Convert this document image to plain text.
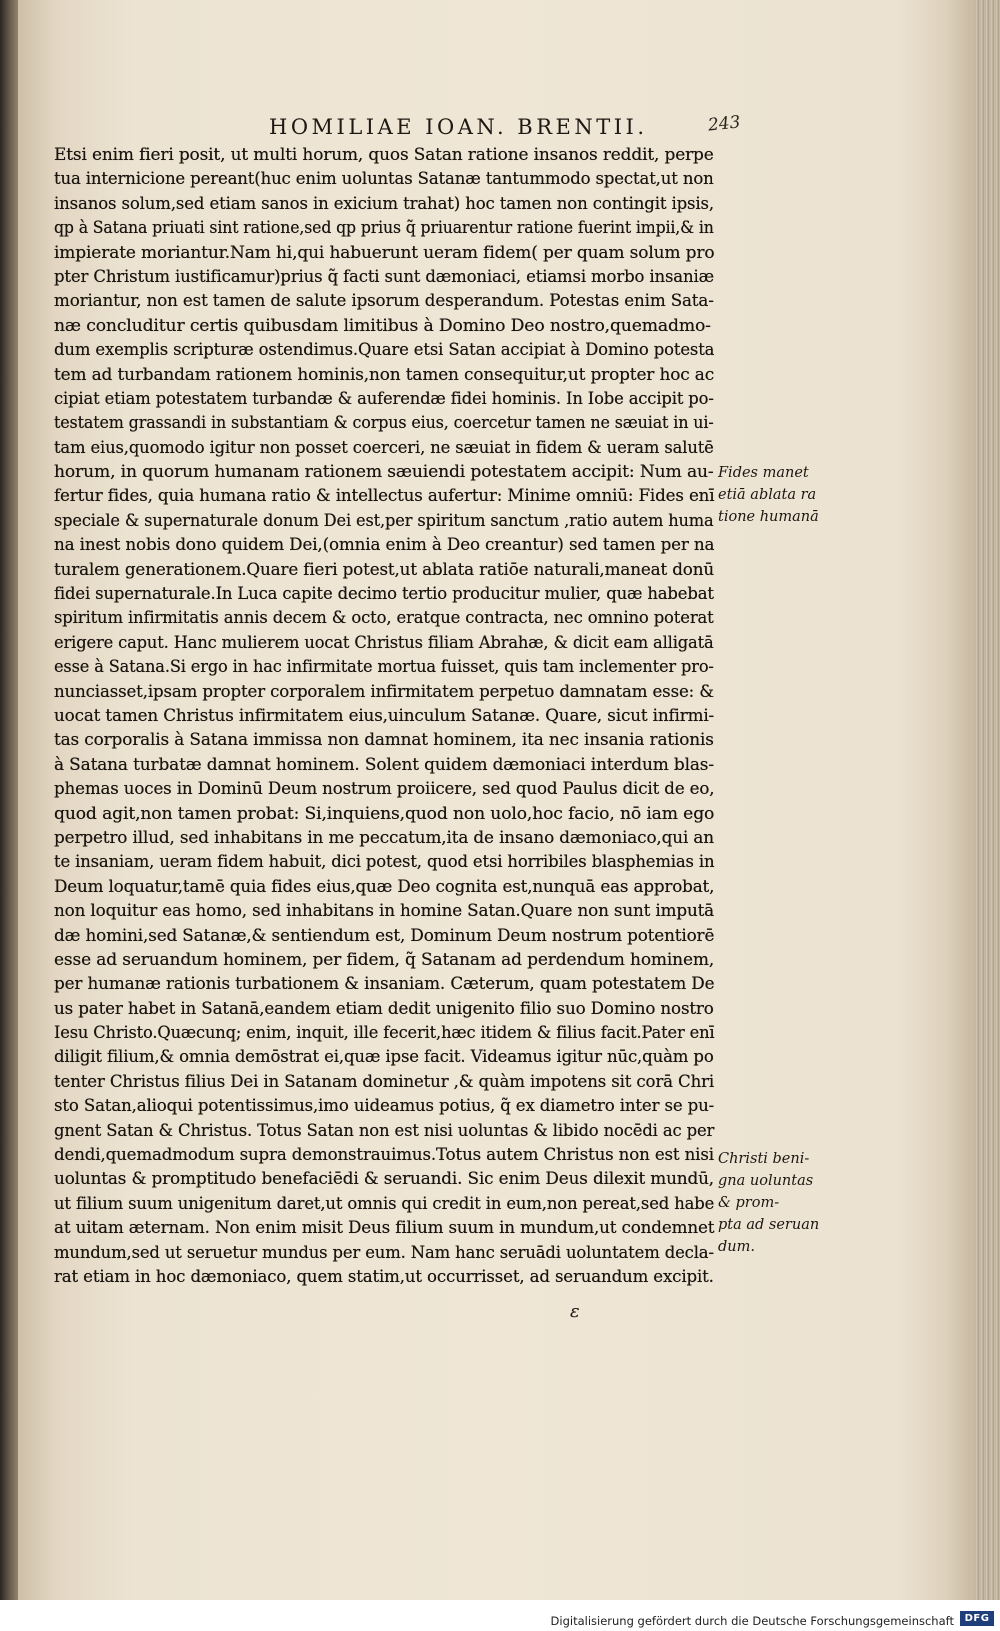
HOMILIAE IOAN. BRENTII.	243
Etsi enim fieri posit, ut multi horum, quos Satan ratione insanos reddit, perpe
tua internicione pereant(huc enim uoluntas Satanæ tantummodo spectat,ut non
insanos solum,sed etiam sanos in exicium trahat) hoc tamen non contingit ipsis,
qp à Satana priuati sint ratione,sed qp prius q̃ priuarentur ratione fuerint impii,& in
impierate moriantur.Nam hi,qui habuerunt ueram fidem( per quam solum pro
pter Christum iustificamur)prius q̃ facti sunt dæmoniaci, etiamsi morbo insaniæ
moriantur, non est tamen de salute ipsorum desperandum. Potestas enim Sata-
næ concluditur certis quibusdam limitibus à Domino Deo nostro,quemadmo-
dum exemplis scripturæ ostendimus.Quare etsi Satan accipiat à Domino potesta
tem ad turbandam rationem hominis,non tamen consequitur,ut propter hoc ac
cipiat etiam potestatem turbandæ & auferendæ fidei hominis. In Iobe accipit po-
testatem grassandi in substantiam & corpus eius, coercetur tamen ne sæuiat in ui-
tam eius,quomodo igitur non posset coerceri, ne sæuiat in fidem & ueram salutē
horum, in quorum humanam rationem sæuiendi potestatem accipit: Num au-
fertur fides, quia humana ratio & intellectus aufertur: Minime omniū: Fides enī
speciale & supernaturale donum Dei est,per spiritum sanctum ,ratio autem huma
na inest nobis dono quidem Dei,(omnia enim à Deo creantur) sed tamen per na
turalem generationem.Quare fieri potest,ut ablata ratiōe naturali,maneat donū
fidei supernaturale.In Luca capite decimo tertio producitur mulier, quæ habebat
spiritum infirmitatis annis decem & octo, eratque contracta, nec omnino poterat
erigere caput. Hanc mulierem uocat Christus filiam Abrahæ, & dicit eam alligatā
esse à Satana.Si ergo in hac infirmitate mortua fuisset, quis tam inclementer pro-
nunciasset,ipsam propter corporalem infirmitatem perpetuo damnatam esse: &
uocat tamen Christus infirmitatem eius,uinculum Satanæ. Quare, sicut infirmi-
tas corporalis à Satana immissa non damnat hominem, ita nec insania rationis
à Satana turbatæ damnat hominem. Solent quidem dæmoniaci interdum blas-
phemas uoces in Dominū Deum nostrum proiicere, sed quod Paulus dicit de eo,
quod agit,non tamen probat: Si,inquiens,quod non uolo,hoc facio, nō iam ego
perpetro illud, sed inhabitans in me peccatum,ita de insano dæmoniaco,qui an
te insaniam, ueram fidem habuit, dici potest, quod etsi horribiles blasphemias in
Deum loquatur,tamē quia fides eius,quæ Deo cognita est,nunquā eas approbat,
non loquitur eas homo, sed inhabitans in homine Satan.Quare non sunt imputā
dæ homini,sed Satanæ,& sentiendum est, Dominum Deum nostrum potentiorē
esse ad seruandum hominem, per fidem, q̃ Satanam ad perdendum hominem,
per humanæ rationis turbationem & insaniam. Cæterum, quam potestatem De
us pater habet in Satanā,eandem etiam dedit unigenito filio suo Domino nostro
Iesu Christo.Quæcunq; enim, inquit, ille fecerit,hæc itidem & filius facit.Pater enī
diligit filium,& omnia demōstrat ei,quæ ipse facit. Videamus igitur nūc,quàm po
tenter Christus filius Dei in Satanam dominetur ,& quàm impotens sit corā Chri
sto Satan,alioqui potentissimus,imo uideamus potius, q̃ ex diametro inter se pu-
gnent Satan & Christus. Totus Satan non est nisi uoluntas & libido nocēdi ac per
dendi,quemadmodum supra demonstrauimus.Totus autem Christus non est nisi
uoluntas & promptitudo benefaciēdi & seruandi. Sic enim Deus dilexit mundū,
ut filium suum unigenitum daret,ut omnis qui credit in eum,non pereat,sed habe
at uitam æternam. Non enim misit Deus filium suum in mundum,ut condemnet
mundum,sed ut seruetur mundus per eum. Nam hanc seruādi uoluntatem decla-
rat etiam in hoc dæmoniaco, quem statim,ut occurrisset, ad seruandum excipit.
ε
Fides manet
etiā ablata ra
tione humanā
Christi beni-
gna uoluntas
& prom-
pta ad seruan
dum.
Digitalisierung gefördert durch die Deutsche Forschungsgemeinschaft	DFG
